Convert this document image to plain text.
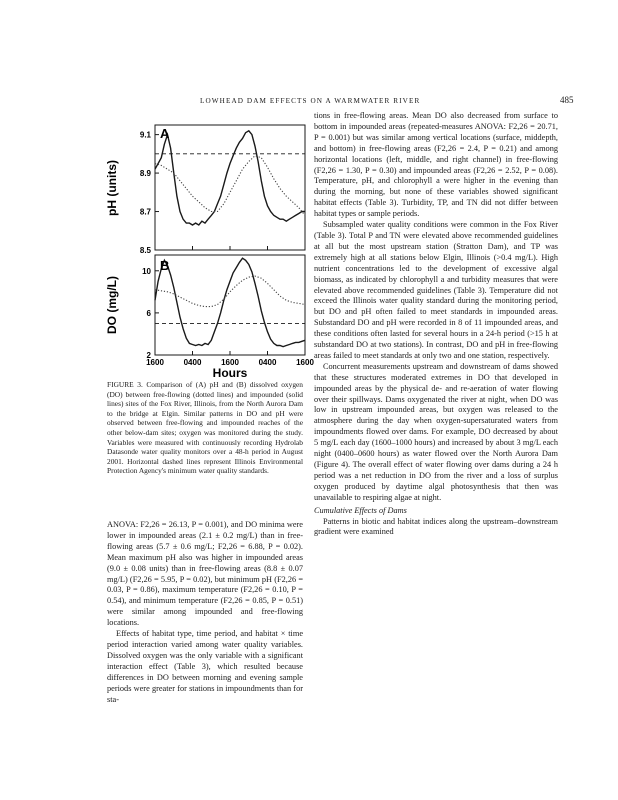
LOWHEAD DAM EFFECTS ON A WARMWATER RIVER	485
8.5
8.7
8.9
9.1
2
6
10
1600 0400 1600 0400 1600
A
B
pH (units)
DO (mg/L)
Hours
FIGURE 3. Comparison of (A) pH and (B) dissolved oxygen (DO) between free-flowing (dotted lines) and impounded (solid lines) sites of the Fox River, Illinois, from the North Aurora Dam to the bridge at Elgin. Similar patterns in DO and pH were observed between free-flowing and impounded reaches of the other below-dam sites; oxygen was monitored during the study. Variables were measured with continuously recording Hydrolab Datasonde water quality monitors over a 48-h period in August 2001. Horizontal dashed lines represent Illinois Environmental Protection Agency's minimum water quality standards.

ANOVA: F2,26 = 26.13, P = 0.001), and DO minima were lower in impounded areas (2.1 ± 0.2 mg/L) than in free-flowing areas (5.7 ± 0.6 mg/L; F2,26 = 6.88, P = 0.02). Mean maximum pH also was higher in impounded areas (9.0 ± 0.08 units) than in free-flowing areas (8.8 ± 0.07 mg/L) (F2,26 = 5.95, P = 0.02), but minimum pH (F2,26 = 0.03, P = 0.86), maximum temperature (F2,26 = 0.10, P = 0.54), and minimum temperature (F2,26 = 0.85, P = 0.51) were similar among impounded and free-flowing locations.

Effects of habitat type, time period, and habitat × time period interaction varied among water quality variables. Dissolved oxygen was the only variable with a significant interaction effect (Table 3), which resulted because differences in DO between morning and evening sample periods were greater for stations in impoundments than for sta-

tions in free-flowing areas. Mean DO also decreased from surface to bottom in impounded areas (repeated-measures ANOVA: F2,26 = 20.71, P = 0.001) but was similar among vertical locations (surface, middepth, and bottom) in free-flowing areas (F2,26 = 2.4, P = 0.21) and among horizontal locations (left, middle, and right channel) in free-flowing (F2,26 = 1.30, P = 0.30) and impounded areas (F2,26 = 2.52, P = 0.08). Temperature, pH, and chlorophyll a were higher in the evening than during the morning, but none of these variables showed significant habitat effects (Table 3). Turbidity, TP, and TN did not differ between habitat types or sample periods.

Subsampled water quality conditions were common in the Fox River (Table 3). Total P and TN were elevated above recommended guidelines at all but the most upstream station (Stratton Dam), and TP was extremely high at all stations below Elgin, Illinois (>0.4 mg/L). High nutrient concentrations led to the development of excessive algal biomass, as indicated by chlorophyll a and turbidity measures that were elevated above recommended guidelines (Table 3). Temperature did not exceed the Illinois water quality standard during the monitoring period, but DO and pH often failed to meet standards in impounded areas. Substandard DO and pH were recorded in 8 of 11 impounded areas, and these conditions often lasted for several hours in a 24-h period (>15 h at substandard DO at two stations). In contrast, DO and pH in free-flowing areas failed to meet standards at only two and one station, respectively.

Concurrent measurements upstream and downstream of dams showed that these structures moderated extremes in DO that developed in impounded areas by the physical de- and re-aeration of water flowing over their spillways. Dams oxygenated the river at night, when DO was low in upstream impounded areas, but oxygen was released to the atmosphere during the day when oxygen-supersaturated waters from impoundments flowed over dams. For example, DO decreased by about 5 mg/L each day (1600–1000 hours) and increased by about 3 mg/L each night (0400–0600 hours) as water flowed over the North Aurora Dam (Figure 4). The overall effect of water flowing over dams during a 24 h period was a net reduction in DO from the river and a loss of surplus oxygen produced by daytime algal photosynthesis that then was unavailable to respiring algae at night.

Cumulative Effects of Dams

Patterns in biotic and habitat indices along the upstream–downstream gradient were examined
